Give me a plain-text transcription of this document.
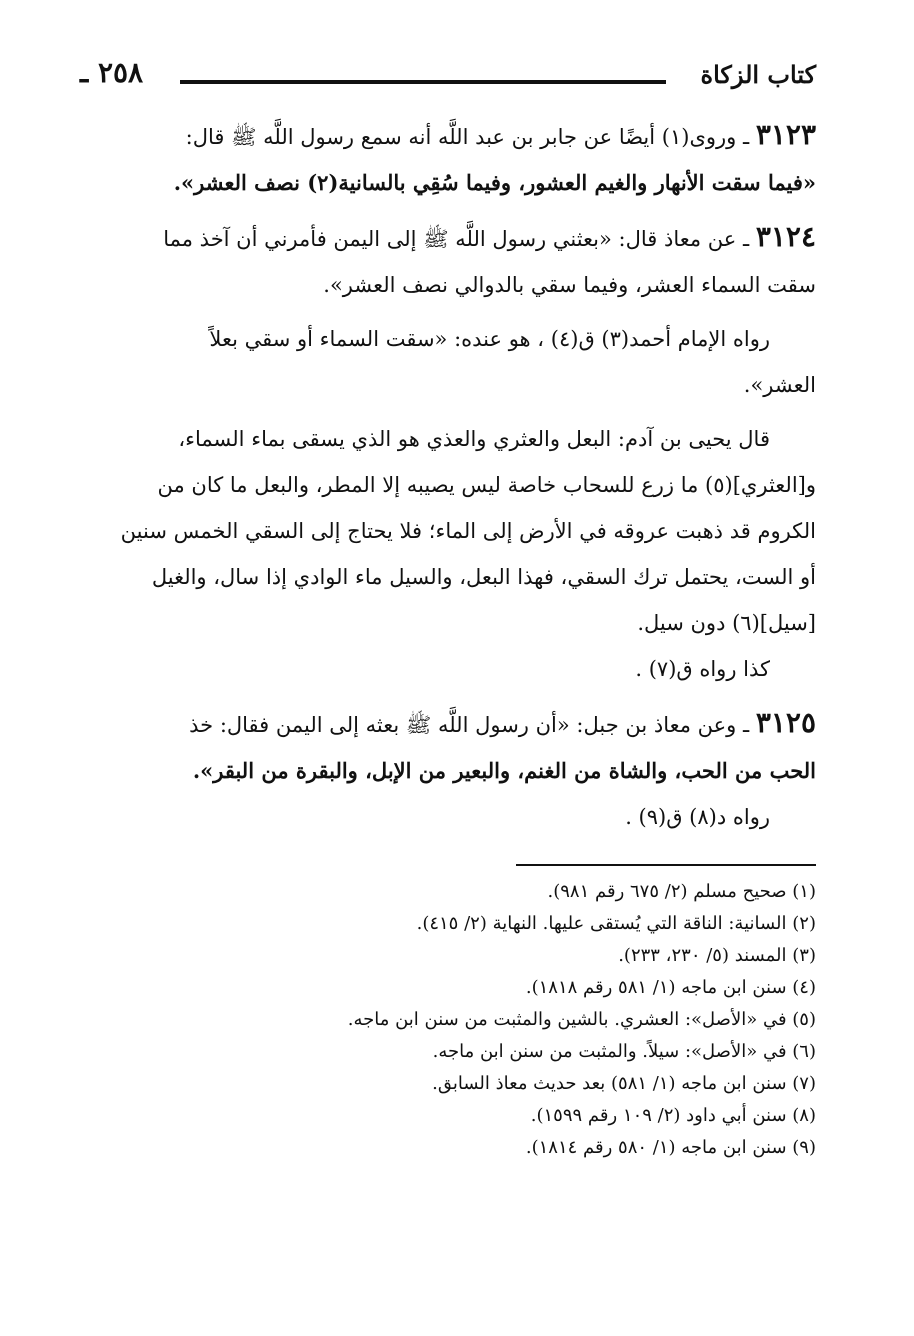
كتاب الزكاة
٢٥٨ ـ

٣١٢٣ ـ وروى(١) أيضًا عن جابر بن عبد اللَّه أنه سمع رسول اللَّه ﷺ قال:

«فيما سقت الأنهار والغيم العشور، وفيما سُقِي بالسانية(٢) نصف العشر».

٣١٢٤ ـ عن معاذ قال: «بعثني رسول اللَّه ﷺ إلى اليمن فأمرني أن آخذ مما

سقت السماء العشر، وفيما سقي بالدوالي نصف العشر».

رواه الإمام أحمد(٣) ق(٤) ، هو عنده: «سقت السماء أو سقي بعلاً

العشر».

قال يحيى بن آدم: البعل والعثري والعذي هو الذي يسقى بماء السماء،

و[العثري](٥) ما زرع للسحاب خاصة ليس يصيبه إلا المطر، والبعل ما كان من

الكروم قد ذهبت عروقه في الأرض إلى الماء؛ فلا يحتاج إلى السقي الخمس سنين

أو الست، يحتمل ترك السقي، فهذا البعل، والسيل ماء الوادي إذا سال، والغيل

[سيل](٦) دون سيل.

كذا رواه ق(٧) .

٣١٢٥ ـ وعن معاذ بن جبل: «أن رسول اللَّه ﷺ بعثه إلى اليمن فقال: خذ

الحب من الحب، والشاة من الغنم، والبعير من الإبل، والبقرة من البقر».

رواه د(٨) ق(٩) .

(١) صحيح مسلم (٢/ ٦٧٥ رقم ٩٨١).

(٢) السانية: الناقة التي يُستقى عليها. النهاية (٢/ ٤١٥).

(٣) المسند (٥/ ٢٣٠، ٢٣٣).

(٤) سنن ابن ماجه (١/ ٥٨١ رقم ١٨١٨).

(٥) في «الأصل»: العشري. بالشين والمثبت من سنن ابن ماجه.

(٦) في «الأصل»: سيلاً. والمثبت من سنن ابن ماجه.

(٧) سنن ابن ماجه (١/ ٥٨١) بعد حديث معاذ السابق.

(٨) سنن أبي داود (٢/ ١٠٩ رقم ١٥٩٩).

(٩) سنن ابن ماجه (١/ ٥٨٠ رقم ١٨١٤).
